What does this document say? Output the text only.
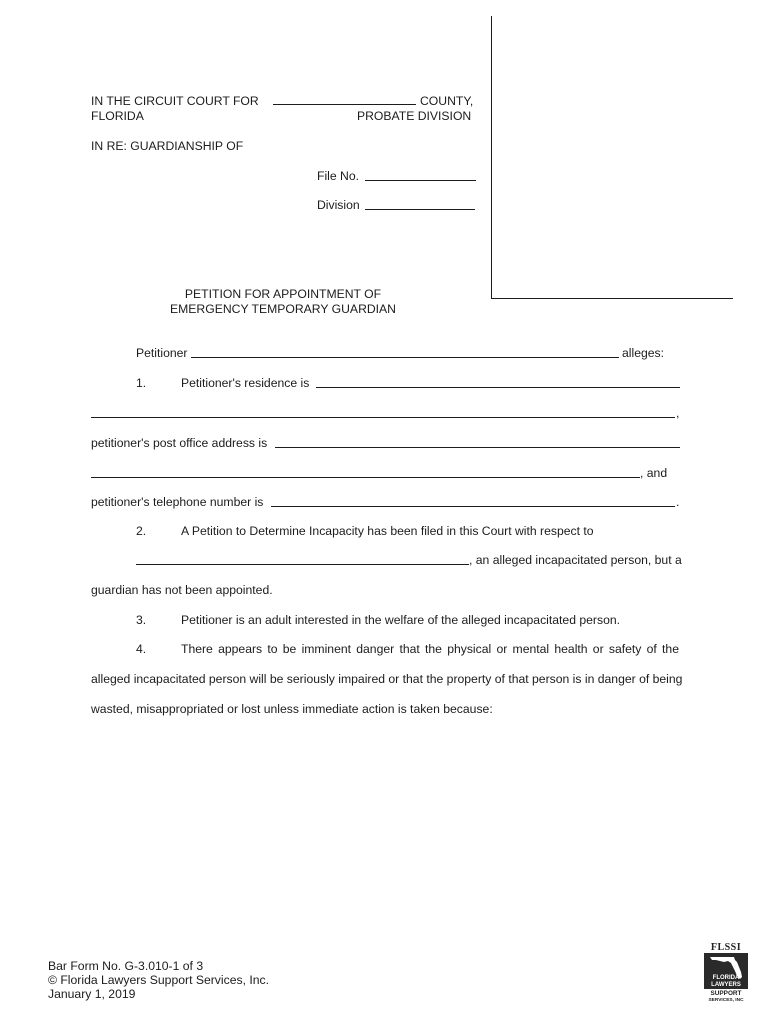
IN THE CIRCUIT COURT FOR	COUNTY,
FLORIDA	PROBATE DIVISION
IN RE: GUARDIANSHIP OF
File No.
Division
PETITION FOR APPOINTMENT OF
EMERGENCY TEMPORARY GUARDIAN
Petitioner	alleges:
1.	Petitioner's residence is
,
petitioner's post office address is
, and
petitioner's telephone number is	.
2.	A Petition to Determine Incapacity has been filed in this Court with respect to
, an alleged incapacitated person, but a
guardian has not been appointed.
3.	Petitioner is an adult interested in the welfare of the alleged incapacitated person.
4.	There appears to be imminent danger that the physical or mental health or safety of the
alleged incapacitated person will be seriously impaired or that the property of that person is in danger of being
wasted, misappropriated or lost unless immediate action is taken because:
Bar Form No. G-3.010-1 of 3
© Florida Lawyers Support Services, Inc.
January 1, 2019
FLSSI
FLORIDA
LAWYERS
SUPPORT
SERVICES, INC
